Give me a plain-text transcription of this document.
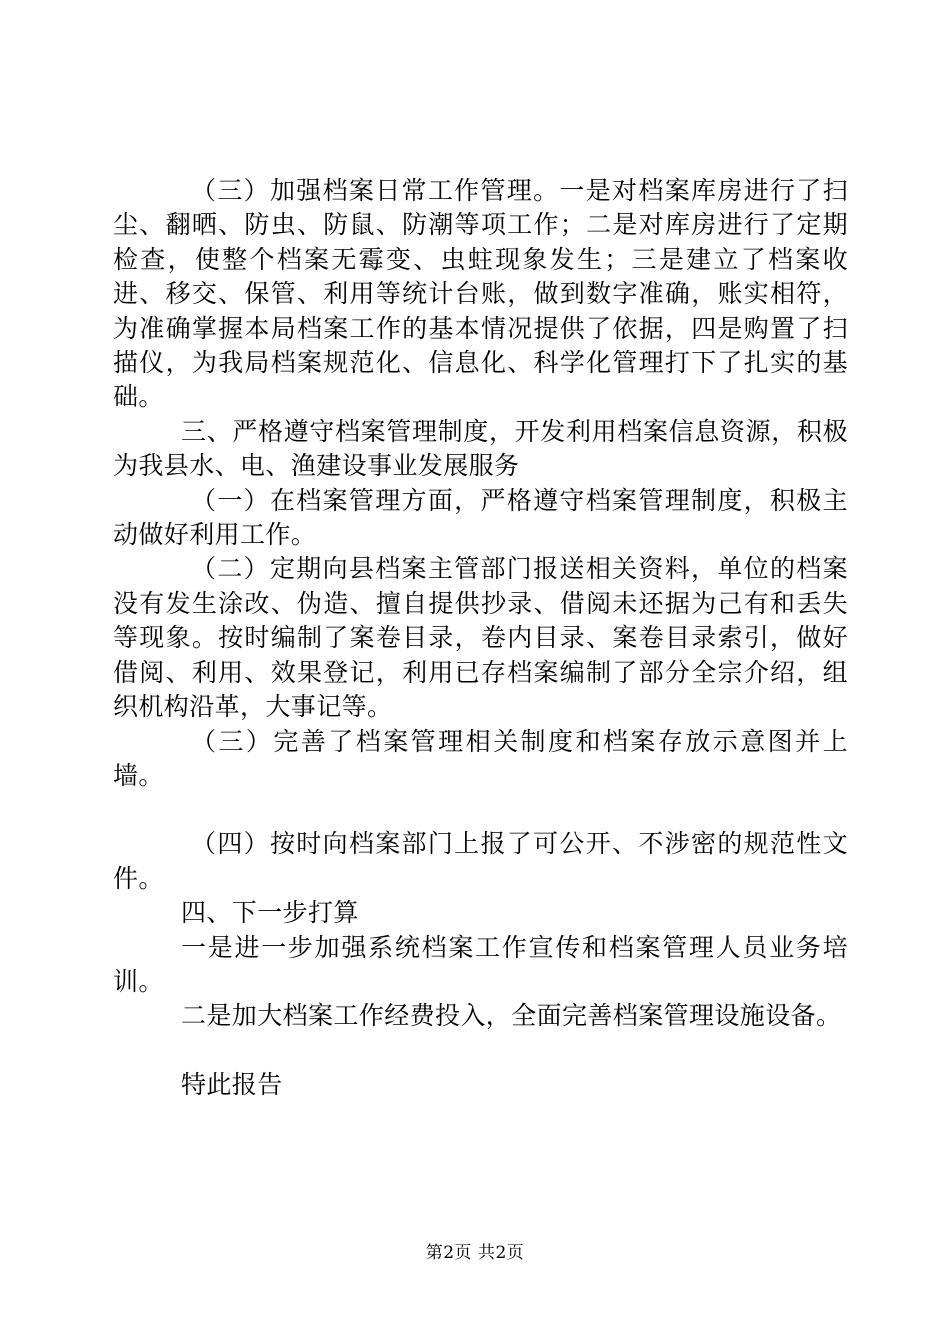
（三）加强档案日常工作管理。一是对档案库房进行了扫尘、翻晒、防虫、防鼠、防潮等项工作；二是对库房进行了定期检查，使整个档案无霉变、虫蛀现象发生；三是建立了档案收进、移交、保管、利用等统计台账，做到数字准确，账实相符，为准确掌握本局档案工作的基本情况提供了依据，四是购置了扫描仪，为我局档案规范化、信息化、科学化管理打下了扎实的基础。

三、严格遵守档案管理制度，开发利用档案信息资源，积极为我县水、电、渔建设事业发展服务

（一）在档案管理方面，严格遵守档案管理制度，积极主动做好利用工作。

（二）定期向县档案主管部门报送相关资料，单位的档案没有发生涂改、伪造、擅自提供抄录、借阅未还据为己有和丢失等现象。按时编制了案卷目录，卷内目录、案卷目录索引，做好借阅、利用、效果登记，利用已存档案编制了部分全宗介绍，组织机构沿革，大事记等。

（三）完善了档案管理相关制度和档案存放示意图并上墙。

（四）按时向档案部门上报了可公开、不涉密的规范性文件。

四、下一步打算

一是进一步加强系统档案工作宣传和档案管理人员业务培训。

二是加大档案工作经费投入，全面完善档案管理设施设备。

特此报告

第2页 共2页
